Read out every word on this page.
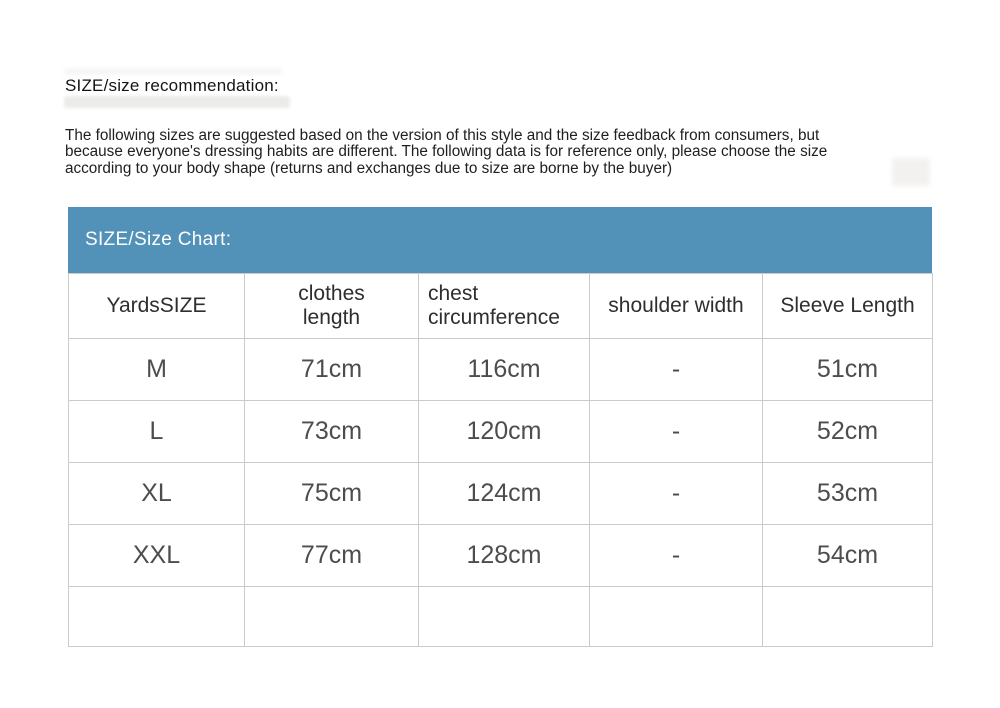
SIZE/size recommendation:
The following sizes are suggested based on the version of this style and the size feedback from consumers, but
because everyone's dressing habits are different. The following data is for reference only, please choose the size
according to your body shape (returns and exchanges due to size are borne by the buyer)
SIZE/Size Chart:
YardsSIZE	clothes length	chest circumference	shoulder width	Sleeve Length
M	71cm	116cm	-	51cm
L	73cm	120cm	-	52cm
XL	75cm	124cm	-	53cm
XXL	77cm	128cm	-	54cm
